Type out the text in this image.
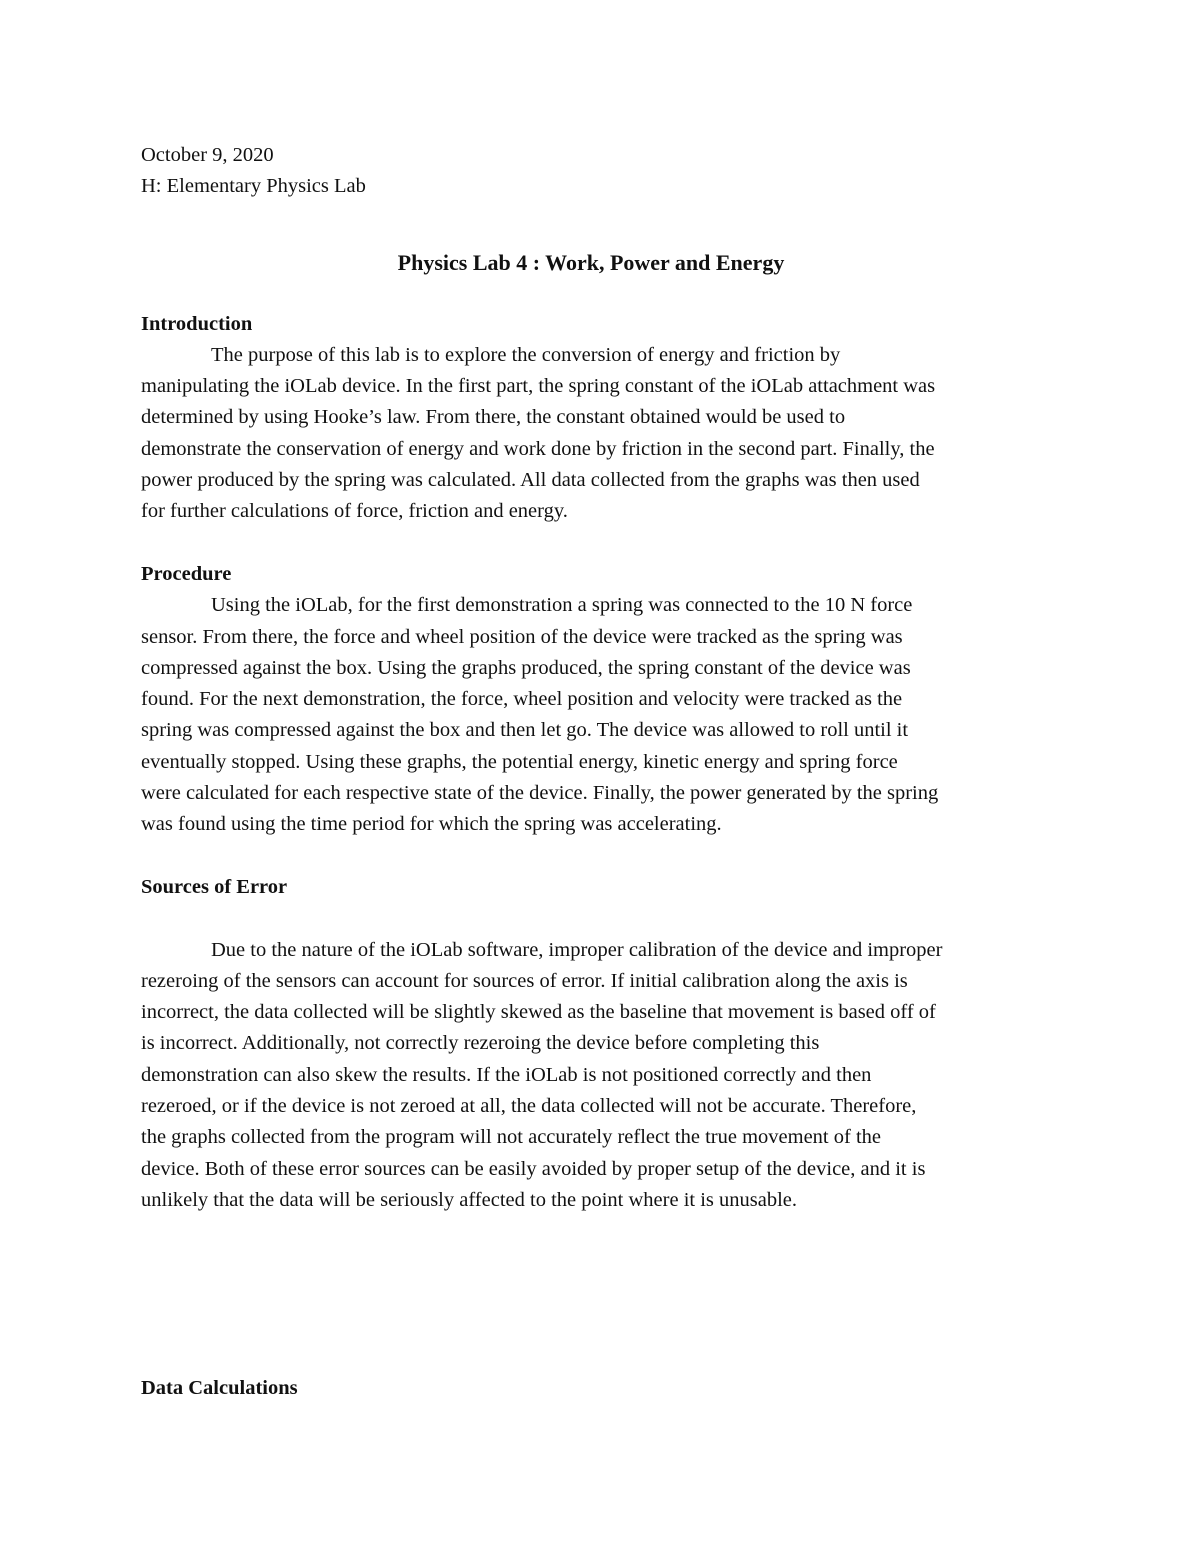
October 9, 2020
H: Elementary Physics Lab
Physics Lab 4 : Work, Power and Energy
Introduction
The purpose of this lab is to explore the conversion of energy and friction by
manipulating the iOLab device. In the first part, the spring constant of the iOLab attachment was
determined by using Hooke’s law. From there, the constant obtained would be used to
demonstrate the conservation of energy and work done by friction in the second part. Finally, the
power produced by the spring was calculated. All data collected from the graphs was then used
for further calculations of force, friction and energy.
Procedure
Using the iOLab, for the first demonstration a spring was connected to the 10 N force
sensor. From there, the force and wheel position of the device were tracked as the spring was
compressed against the box. Using the graphs produced, the spring constant of the device was
found. For the next demonstration, the force, wheel position and velocity were tracked as the
spring was compressed against the box and then let go. The device was allowed to roll until it
eventually stopped. Using these graphs, the potential energy, kinetic energy and spring force
were calculated for each respective state of the device. Finally, the power generated by the spring
was found using the time period for which the spring was accelerating.
Sources of Error
Due to the nature of the iOLab software, improper calibration of the device and improper
rezeroing of the sensors can account for sources of error. If initial calibration along the axis is
incorrect, the data collected will be slightly skewed as the baseline that movement is based off of
is incorrect. Additionally, not correctly rezeroing the device before completing this
demonstration can also skew the results. If the iOLab is not positioned correctly and then
rezeroed, or if the device is not zeroed at all, the data collected will not be accurate. Therefore,
the graphs collected from the program will not accurately reflect the true movement of the
device. Both of these error sources can be easily avoided by proper setup of the device, and it is
unlikely that the data will be seriously affected to the point where it is unusable.
Data Calculations
